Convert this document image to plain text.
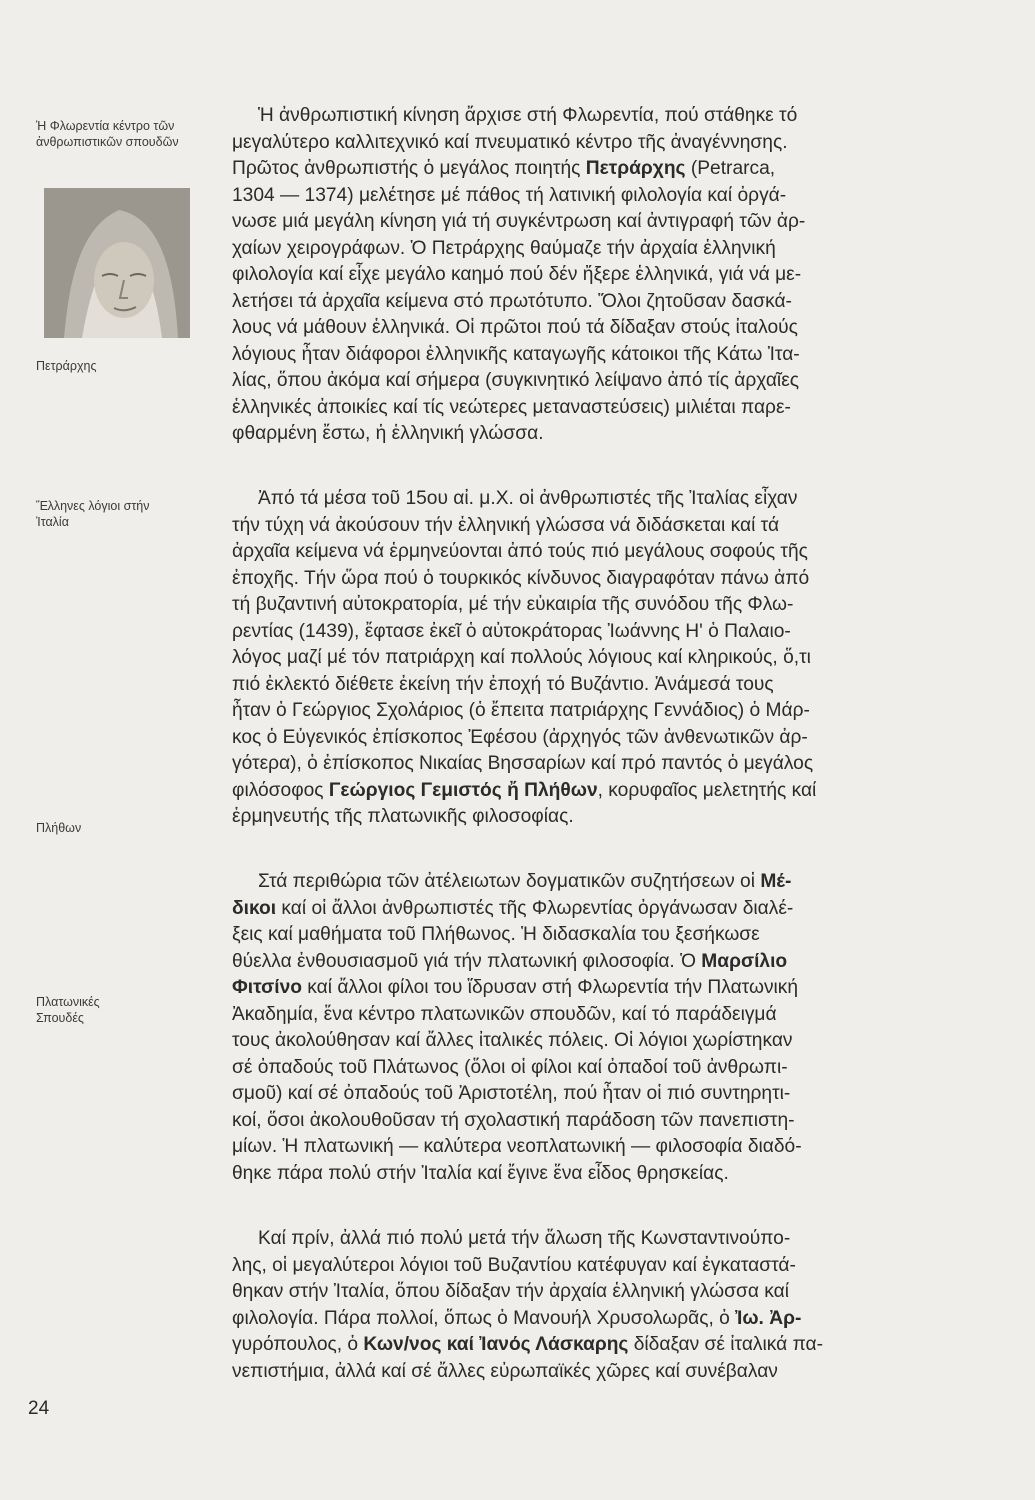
Ἡ Φλωρεντία κέντρο τῶν ἀνθρωπιστικῶν σπουδῶν
Πετράρχης
Ἕλληνες λόγιοι στήν Ἰταλία
Πλήθων
Πλατωνικές Σπουδές
24
Ἡ ἀνθρωπιστική κίνηση ἄρχισε στή Φλωρεντία, πού στάθηκε τό
μεγαλύτερο καλλιτεχνικό καί πνευματικό κέντρο τῆς ἀναγέννησης.
Πρῶτος ἀνθρωπιστής ὁ μεγάλος ποιητής Πετράρχης (Petrarca,
1304 — 1374) μελέτησε μέ πάθος τή λατινική φιλολογία καί ὀργά-
νωσε μιά μεγάλη κίνηση γιά τή συγκέντρωση καί ἀντιγραφή τῶν ἀρ-
χαίων χειρογράφων. Ὁ Πετράρχης θαύμαζε τήν ἀρχαία ἑλληνική
φιλολογία καί εἶχε μεγάλο καημό πού δέν ἤξερε ἑλληνικά, γιά νά με-
λετήσει τά ἀρχαῖα κείμενα στό πρωτότυπο. Ὅλοι ζητοῦσαν δασκά-
λους νά μάθουν ἑλληνικά. Οἱ πρῶτοι πού τά δίδαξαν στούς ἰταλούς
λόγιους ἦταν διάφοροι ἑλληνικῆς καταγωγῆς κάτοικοι τῆς Κάτω Ἰτα-
λίας, ὅπου ἀκόμα καί σήμερα (συγκινητικό λείψανο ἀπό τίς ἀρχαῖες
ἑλληνικές ἀποικίες καί τίς νεώτερες μεταναστεύσεις) μιλιέται παρε-
φθαρμένη ἔστω, ἡ ἑλληνική γλώσσα.
Ἀπό τά μέσα τοῦ 15ου αἰ. μ.Χ. οἱ ἀνθρωπιστές τῆς Ἰταλίας εἶχαν
τήν τύχη νά ἀκούσουν τήν ἑλληνική γλώσσα νά διδάσκεται καί τά
ἀρχαῖα κείμενα νά ἑρμηνεύονται ἀπό τούς πιό μεγάλους σοφούς τῆς
ἐποχῆς. Τήν ὥρα πού ὁ τουρκικός κίνδυνος διαγραφόταν πάνω ἀπό
τή βυζαντινή αὐτοκρατορία, μέ τήν εὐκαιρία τῆς συνόδου τῆς Φλω-
ρεντίας (1439), ἔφτασε ἐκεῖ ὁ αὐτοκράτορας Ἰωάννης Η' ὁ Παλαιο-
λόγος μαζί μέ τόν πατριάρχη καί πολλούς λόγιους καί κληρικούς, ὅ,τι
πιό ἐκλεκτό διέθετε ἐκείνη τήν ἐποχή τό Βυζάντιο. Ἀνάμεσά τους
ἦταν ὁ Γεώργιος Σχολάριος (ὁ ἔπειτα πατριάρχης Γεννάδιος) ὁ Μάρ-
κος ὁ Εὐγενικός ἐπίσκοπος Ἐφέσου (ἀρχηγός τῶν ἀνθενωτικῶν ἀρ-
γότερα), ὁ ἐπίσκοπος Νικαίας Βησσαρίων καί πρό παντός ὁ μεγάλος
φιλόσοφος Γεώργιος Γεμιστός ἤ Πλήθων, κορυφαῖος μελετητής καί
ἑρμηνευτής τῆς πλατωνικῆς φιλοσοφίας.
Στά περιθώρια τῶν ἀτέλειωτων δογματικῶν συζητήσεων οἱ Μέ-
δικοι καί οἱ ἄλλοι ἀνθρωπιστές τῆς Φλωρεντίας ὀργάνωσαν διαλέ-
ξεις καί μαθήματα τοῦ Πλήθωνος. Ἡ διδασκαλία του ξεσήκωσε
θύελλα ἐνθουσιασμοῦ γιά τήν πλατωνική φιλοσοφία. Ὁ Μαρσίλιο
Φιτσίνο καί ἄλλοι φίλοι του ἵδρυσαν στή Φλωρεντία τήν Πλατωνική
Ἀκαδημία, ἕνα κέντρο πλατωνικῶν σπουδῶν, καί τό παράδειγμά
τους ἀκολούθησαν καί ἄλλες ἰταλικές πόλεις. Οἱ λόγιοι χωρίστηκαν
σέ ὀπαδούς τοῦ Πλάτωνος (ὅλοι οἱ φίλοι καί ὀπαδοί τοῦ ἀνθρωπι-
σμοῦ) καί σέ ὀπαδούς τοῦ Ἀριστοτέλη, πού ἦταν οἱ πιό συντηρητι-
κοί, ὅσοι ἀκολουθοῦσαν τή σχολαστική παράδοση τῶν πανεπιστη-
μίων. Ἡ πλατωνική — καλύτερα νεοπλατωνική — φιλοσοφία διαδό-
θηκε πάρα πολύ στήν Ἰταλία καί ἔγινε ἕνα εἶδος θρησκείας.
Καί πρίν, ἀλλά πιό πολύ μετά τήν ἅλωση τῆς Κωνσταντινούπο-
λης, οἱ μεγαλύτεροι λόγιοι τοῦ Βυζαντίου κατέφυγαν καί ἐγκαταστά-
θηκαν στήν Ἰταλία, ὅπου δίδαξαν τήν ἀρχαία ἑλληνική γλώσσα καί
φιλολογία. Πάρα πολλοί, ὅπως ὁ Μανουήλ Χρυσολωρᾶς, ὁ Ἰω. Ἀρ-
γυρόπουλος, ὁ Κων/νος καί Ἰανός Λάσκαρης δίδαξαν σέ ἰταλικά πα-
νεπιστήμια, ἀλλά καί σέ ἄλλες εὐρωπαϊκές χῶρες καί συνέβαλαν
